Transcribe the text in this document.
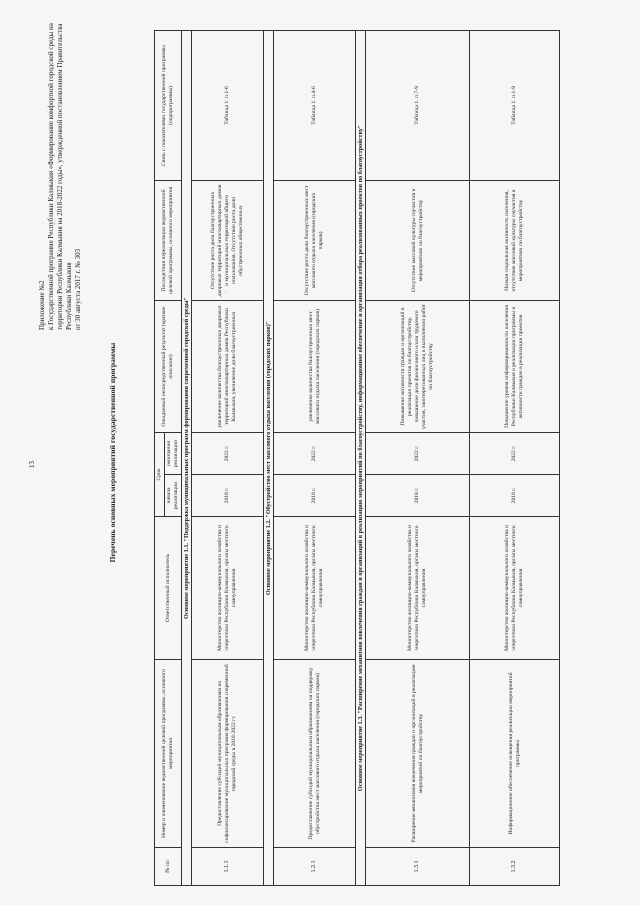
13
Приложение №2 к Государственной программе Республики Калмыкия «Формирование комфортной городской среды на территории Республики Калмыкия на 2018-2022 годы», утвержденной постановлением Правительства Республики Калмыкия от 30 августа 2017 г. № 303
Перечень основных мероприятий государственной программы
№ пп	Номер и наименование ведомственной целевой программы, основного мероприятия	Ответственный исполнитель	Срок		Ожидаемый непосредственный результат (краткое описание)	Последствия нереализации ведомственной целевой программы, основного мероприятия	Связь с показателями государственной программы (подпрограммы)
			начала реализации	окончания реализации			
Основное мероприятие 1.1. "Поддержка муниципальных программ формирования современной городской среды"							
1.1.1	Предоставление субсидий муниципальным образованиям на софинансирование муниципальных программ формирования современной городской среды в 2018-2022 гг.	Министерство жилищно-коммунального хозяйства и энергетики Республики Калмыкия, органы местного самоуправления	2018 г.	2022 г.	увеличение количества благоустроенных дворовых территорий многоквартирных домов Республики Калмыкия, увеличение доли благоустроенных	Отсутствие роста доли благоустроенных дворовых территорий многоквартирных домов и муниципальных территорий общего пользования, Отсутствие роста доли обустроенных общественных	Таблица 1. п.1-6
Основное мероприятие 1.2. "Обустройство мест массового отдыха населения (городских парков)"							
1.2.1	Предоставление субсидий муниципальным образованиям на поддержку обустройства мест массового отдыха населения (городских парков)	Министерство жилищно-коммунального хозяйства и энергетики Республики Калмыкия, органы местного самоуправления	2018 г.	2022 г.	увеличение количества благоустроенных мест массового отдыха населения (городских парков)	Отсутствие роста доли благоустроенных мест массового отдыха населения (городских парков)	Таблица 1. п.4-6
Основное мероприятие 1.3. "Расширение механизмов вовлечения граждан и организаций в реализацию мероприятий по благоустройству, информационное обеспечение и организация отбора реализованных проектов по благоустройству"							
1.3.1	Расширение механизмов вовлечения граждан и организаций в реализацию мероприятий по благоустройству	Министерство жилищно-коммунального хозяйства и энергетики Республики Калмыкия, органы местного самоуправления	2018 г.	2022 г.	Повышение активности граждан и организаций в реализации проектов по благоустройству, повышение доли финансового и/или трудового участия, заинтересованных лиц в выполнении работ по благоустройству	Отсутствие массовой культуры соучастия в мероприятиях по благоустройству	Таблица 1. п.7-9
1.3.2	Информационное обеспечение освещения реализации мероприятий программы	Министерство жилищно-коммунального хозяйства и энергетики Республики Калмыкия, органы местного самоуправления	2018 г.	2022 г.	Повышение уровня информированности населения Республики Калмыкия о реализации программы и активности граждан в реализации проектов	Низкая социальная активность населения, отсутствие массовой культуры соучастия в мероприятиях по благоустройству	Таблица 1. п.1-9
·
